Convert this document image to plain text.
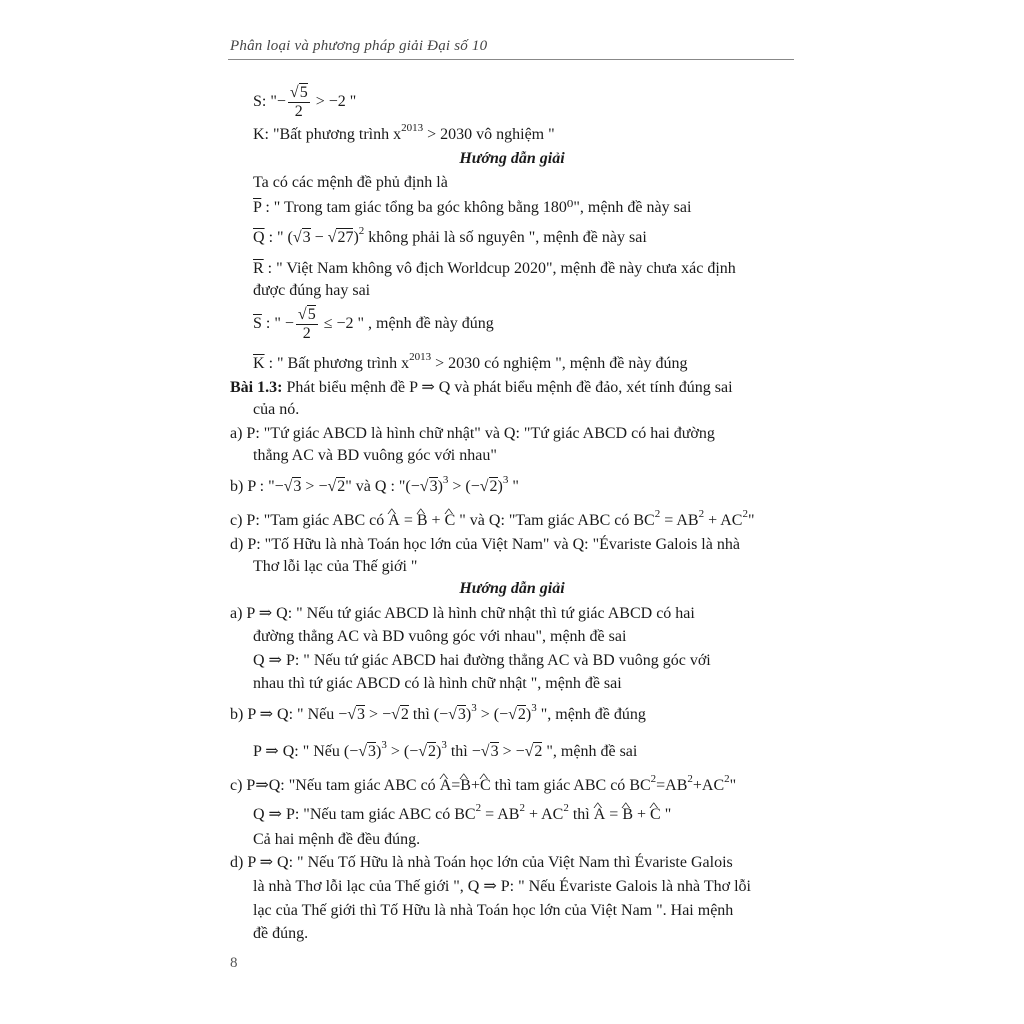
Phân loại và phương pháp giải Đại số 10
S: "− $\frac{√5}{2} > -2$ "
K: "Bất phương trình $x^{2013} > 2030$ vô nghiệm "
Hướng dẫn giải
Ta có các mệnh đề phủ định là
$\overline{P}$ : " Trong tam giác tổng ba góc không bằng 180⁰", mệnh đề này sai
$\overline{Q}$ : " $(√3 - √27)^2$ không phải là số nguyên ", mệnh đề này sai
$\overline{R}$ : " Việt Nam không vô địch Worldcup 2020", mệnh đề này chưa xác định
được đúng hay sai
$\overline{S}$ : " − $\frac{√5}{2} \le -2$ " , mệnh đề này đúng
$\overline{K}$ : " Bất phương trình $x^{2013} > 2030$ có nghiệm ", mệnh đề này đúng
Bài 1.3: Phát biểu mệnh đề P ⇒ Q và phát biểu mệnh đề đảo, xét tính đúng sai
của nó.
a) P: "Tứ giác ABCD là hình chữ nhật" và Q: "Tứ giác ABCD có hai đường
thẳng AC và BD vuông góc với nhau"
b) P : "−√3 > −√2" và Q : "$(-√3)^3 > (-√2)^3$ "
c) P: "Tam giác ABC có ^ A = ^ B + ^ C " và Q: "Tam giác ABC có $BC^2 = AB^2 + AC^2$"
d) P: "Tố Hữu là nhà Toán học lớn của Việt Nam" và Q: "Évariste Galois là nhà
Thơ lỗi lạc của Thế giới "
Hướng dẫn giải
a) P ⇒ Q: " Nếu tứ giác ABCD là hình chữ nhật thì tứ giác ABCD có hai
đường thẳng AC và BD vuông góc với nhau", mệnh đề sai
Q ⇒ P: " Nếu tứ giác ABCD hai đường thẳng AC và BD vuông góc với
nhau thì tứ giác ABCD có là hình chữ nhật ", mệnh đề sai
b) P ⇒ Q: " Nếu −√3 > −√2 thì $(-√3)^3 > (-√2)^3$ ", mệnh đề đúng
P ⇒ Q: " Nếu $(-√3)^3 > (-√2)^3$ thì −√3 > −√2 ", mệnh đề sai
c) P⇒Q: "Nếu tam giác ABC có ^ A=^ B+^ C thì tam giác ABC có $BC^2=AB^2+AC^2$"
Q ⇒ P: "Nếu tam giác ABC có $BC^2 = AB^2 + AC^2$ thì ^ A = ^ B + ^ C "
Cả hai mệnh đề đều đúng.
d) P ⇒ Q: " Nếu Tố Hữu là nhà Toán học lớn của Việt Nam thì Évariste Galois
là nhà Thơ lỗi lạc của Thế giới ", Q ⇒ P: " Nếu Évariste Galois là nhà Thơ lỗi
lạc của Thế giới thì Tố Hữu là nhà Toán học lớn của Việt Nam ". Hai mệnh
đề đúng.
8
